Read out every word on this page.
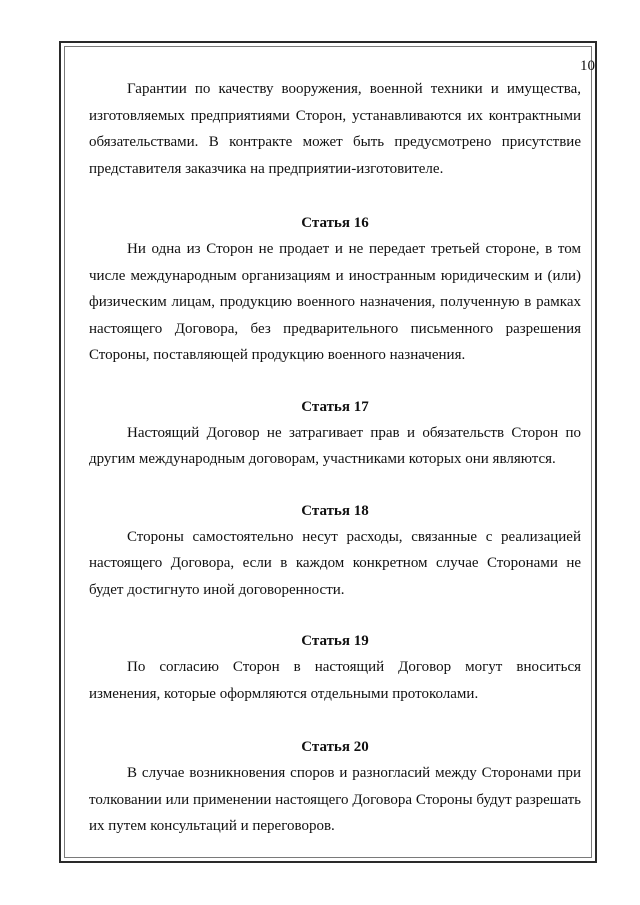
10

Гарантии по качеству вооружения, военной техники и имущества, изготовляемых предприятиями Сторон, устанавливаются их контрактными обязательствами. В контракте может быть предусмотрено присутствие представителя заказчика на предприятии-изготовителе.

Статья 16

Ни одна из Сторон не продает и не передает третьей стороне, в том числе международным организациям и иностранным юридическим и (или) физическим лицам, продукцию военного назначения, полученную в рамках настоящего Договора, без предварительного письменного разрешения Стороны, поставляющей продукцию военного назначения.

Статья 17

Настоящий Договор не затрагивает прав и обязательств Сторон по другим международным договорам, участниками которых они являются.

Статья 18

Стороны самостоятельно несут расходы, связанные с реализацией настоящего Договора, если в каждом конкретном случае Сторонами не будет достигнуто иной договоренности.

Статья 19

По согласию Сторон в настоящий Договор могут вноситься изменения, которые оформляются отдельными протоколами.

Статья 20

В случае возникновения споров и разногласий между Сторонами при толковании или применении настоящего Договора Стороны будут разрешать их путем консультаций и переговоров.
